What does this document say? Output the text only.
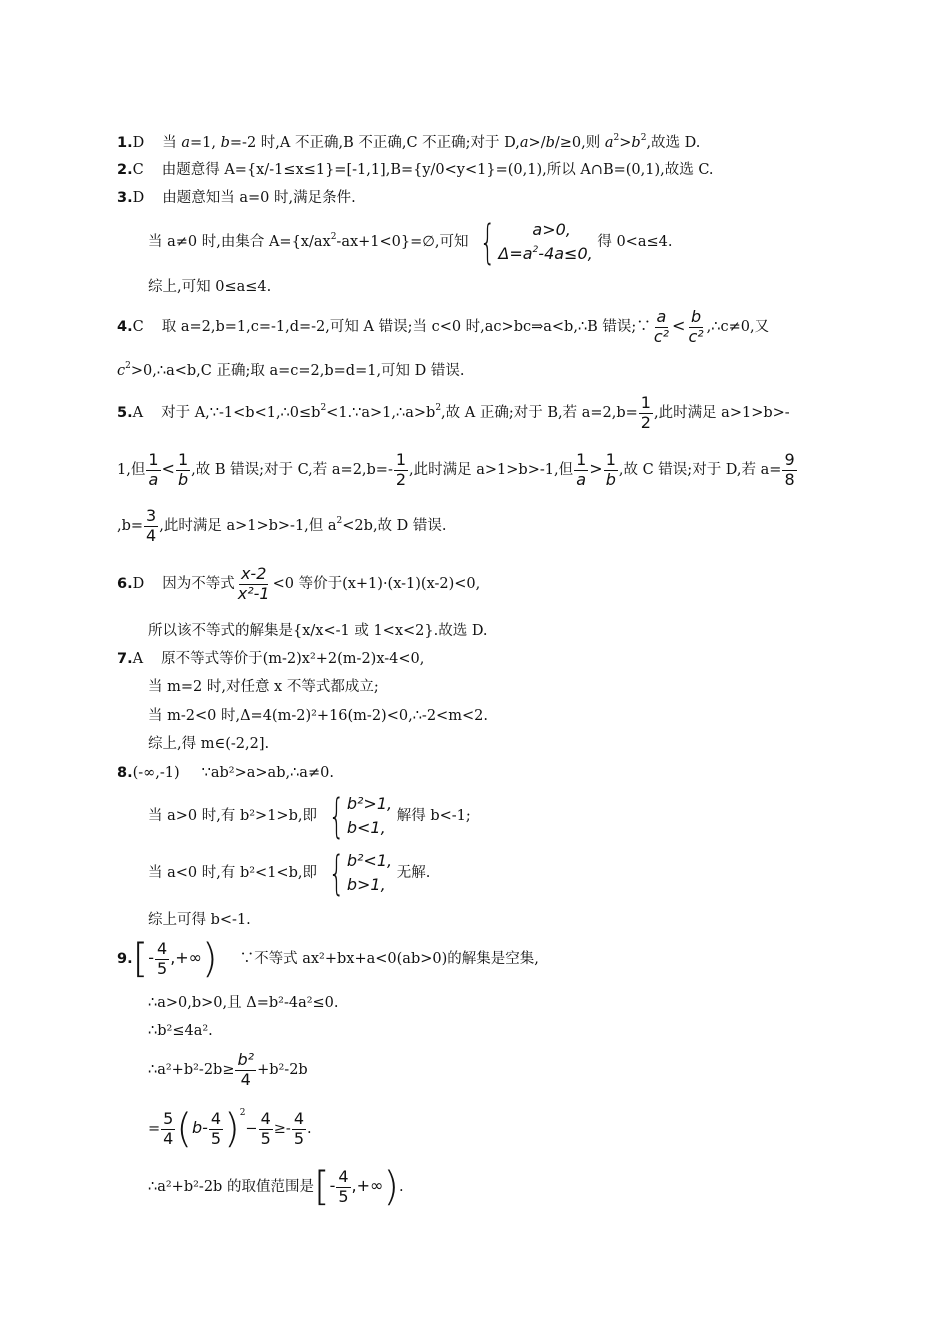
1.D 当 a=1, b=-2 时,A 不正确,B 不正确,C 不正确;对于 D,a>/b/≥0,则 $a^2>b^2$,故选 D.
2.C 由题意得 A={x/-1≤x≤1}=[-1,1],B={y/0<y<1}=(0,1),所以 A∩B=(0,1),故选 C.
3.D 由题意知当 a=0 时,满足条件.
当 a≠0 时,由集合 $A=\{x/ax^2-ax+1<0\}=\emptyset$,可知 {	a>0,
$\Delta=a^2-4a\le 0$,
得 0<a≤4.
综上,可知 0≤a≤4.
4.C 取 a=2,b=1,c=-1,d=-2,可知 A 错误;当 c<0 时,ac>bc⇒a<b,∴B 错误;∵ $\frac{a}{\text{c²}} < \frac{b}{\text{c²}}$ ,∴c≠0,又
$c^2>0,\therefore a<b,C$ 正确;取 a=c=2,b=d=1,可知 D 错误.
5.A 对于 $A,\because-1<b<1,\therefore 0\le b^2<1.\because a>1,\therefore a>b^2$,故 A 正确;对于 B,若 $a=2,b= \frac{1}{2}$ ,此时满足 a>1>b>-
1,但 $\frac{1}{a} < \frac{1}{b}$ ,故 B 错误;对于 C,若 $a=2,b=- \frac{1}{2}$ ,此时满足 a>1>b>-1,但 $\frac{1}{a} > \frac{1}{b}$ ,故 C 错误;对于 D,若 $a= \frac{9}{8}$
$,b= \frac{3}{4}$ ,此时满足 a>1>b>-1,但 $a^2<2b$,故 D 错误.
6.D 因为不等式 $\frac{x-2}{\text{x²-1}} <0$ 等价于(x+1)·(x-1)(x-2)<0,
所以该不等式的解集是{x/x<-1 或 1<x<2}.故选 D.
7.A 原不等式等价于(m-2)x²+2(m-2)x-4<0,
当 m=2 时,对任意 x 不等式都成立;
当 m-2<0 时,Δ=4(m-2)²+16(m-2)<0,∴-2<m<2.
综上,得 m∈(-2,2].
8.(-∞,-1) ∵ab²>a>ab,∴a≠0.
当 a>0 时,有 b²>1>b,即 { b²>1,
b<1,
解得 b<-1;
当 a<0 时,有 b²<1<b,即 { b²<1,
b>1,
无解.
综上可得 b<-1.
$9.[- \frac{4}{5}$ ,+∞) ∵不等式 ax²+bx+a<0(ab>0)的解集是空集,
∴a>0,b>0,且 Δ=b²-4a²≤0.
∴b²≤4a².
∴a²+b²-2b≥ $\frac{\text{b²}}{4} +b^2-2b$
= $\frac{5}{4} (b- \frac{4}{5} )^2- \frac{4}{5} \ge- \frac{4}{5}$ .
∴a²+b²-2b 的取值范围是[- $\frac{4}{5}$ ,+∞).
